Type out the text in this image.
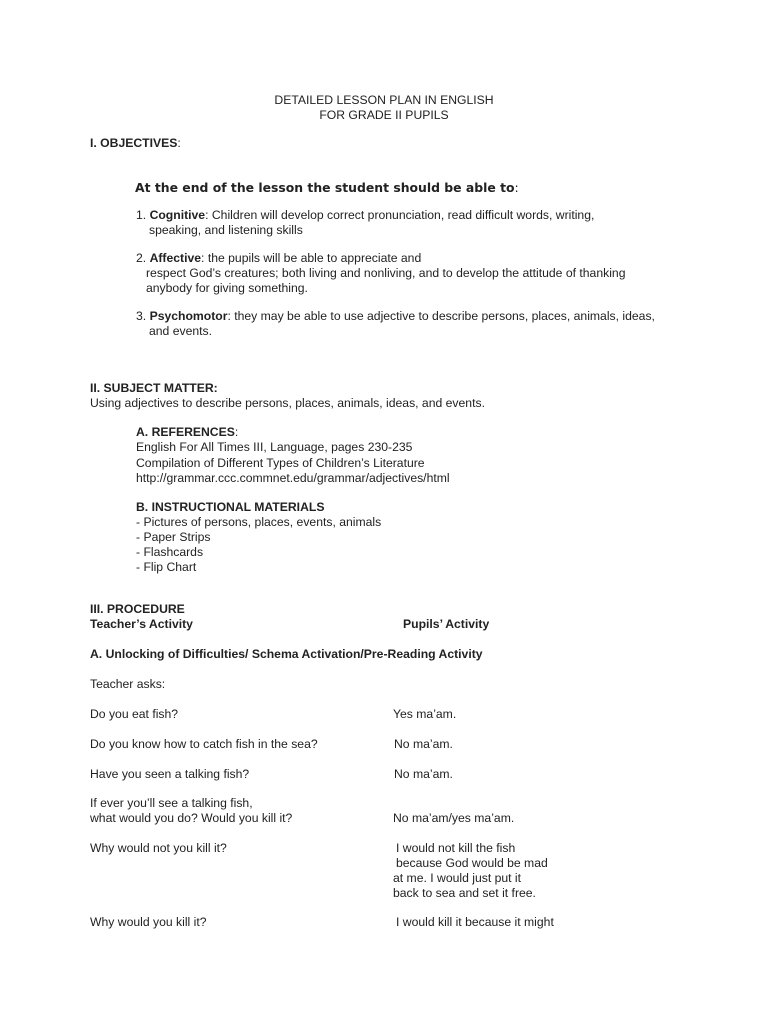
DETAILED LESSON PLAN IN ENGLISH
FOR GRADE II PUPILS
I. OBJECTIVES:
At the end of the lesson the student should be able to:
1. Cognitive: Children will develop correct pronunciation, read difficult words, writing,
speaking, and listening skills
2. Affective: the pupils will be able to appreciate and
respect God’s creatures; both living and nonliving, and to develop the attitude of thanking
anybody for giving something.
3. Psychomotor: they may be able to use adjective to describe persons, places, animals, ideas,
and events.
II. SUBJECT MATTER:
Using adjectives to describe persons, places, animals, ideas, and events.
A. REFERENCES:
English For All Times III, Language, pages 230-235
Compilation of Different Types of Children’s Literature
http://grammar.ccc.commnet.edu/grammar/adjectives/html
B. INSTRUCTIONAL MATERIALS
- Pictures of persons, places, events, animals
- Paper Strips
- Flashcards
- Flip Chart
III. PROCEDURE
Teacher’s Activity	Pupils’ Activity
A. Unlocking of Difficulties/ Schema Activation/Pre-Reading Activity
Teacher asks:
Do you eat fish?	Yes ma’am.
Do you know how to catch fish in the sea?	No ma’am.
Have you seen a talking fish?	No ma’am.
If ever you’ll see a talking fish,
what would you do? Would you kill it?	No ma’am/yes ma’am.
Why would not you kill it?	I would not kill the fish
because God would be mad
at me. I would just put it
back to sea and set it free.
Why would you kill it?	I would kill it because it might
